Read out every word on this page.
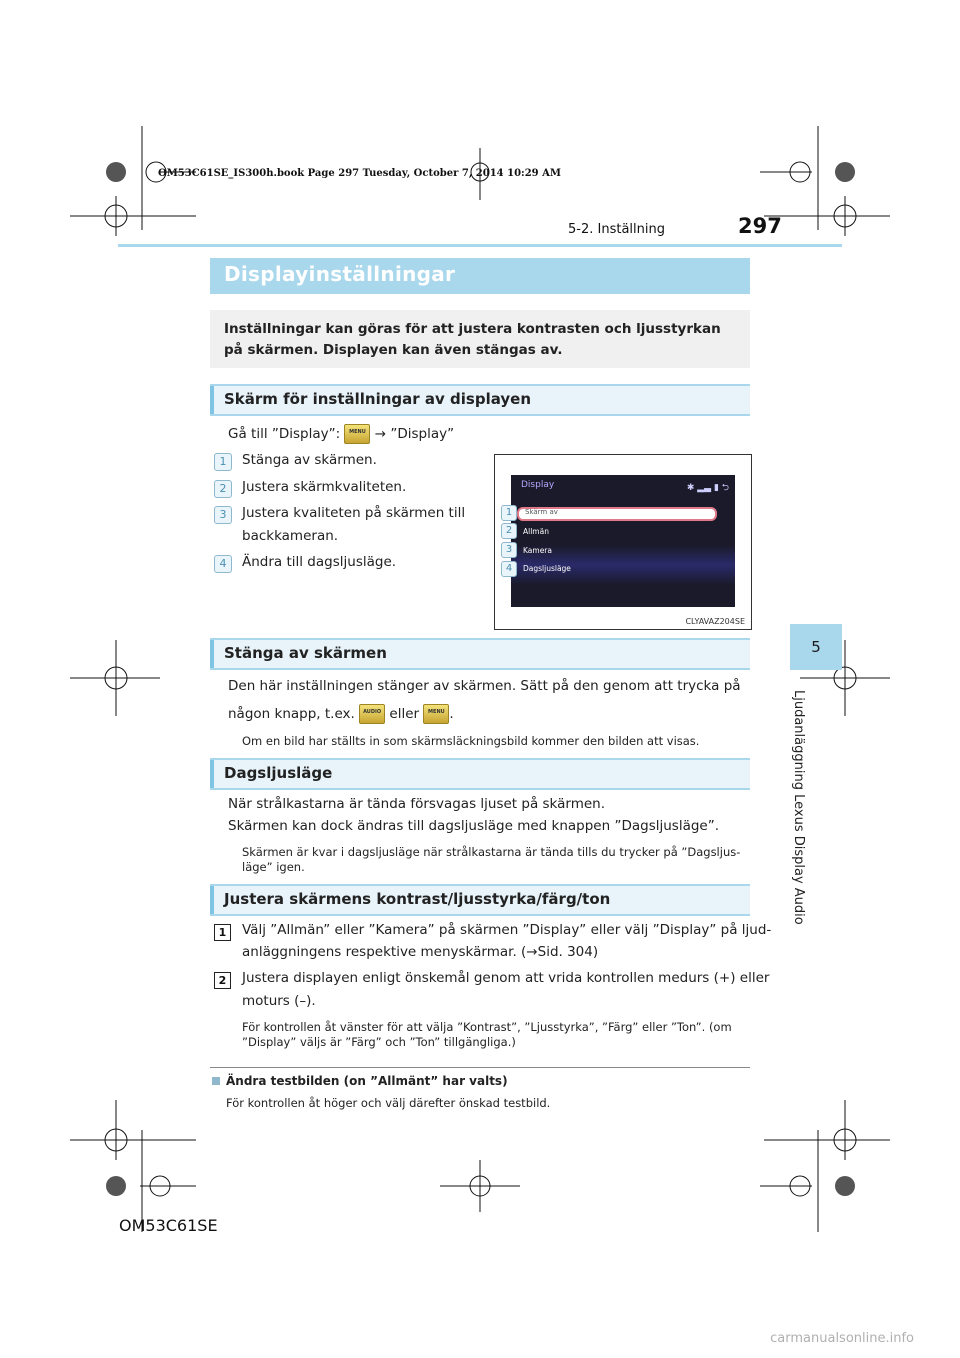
OM53C61SE_IS300h.book Page 297 Tuesday, October 7, 2014 10:29 AM
5-2. Inställning	297
5
Ljudanläggning Lexus Display Audio
Displayinställningar
Inställningar kan göras för att justera kontrasten och ljusstyrkan på skärmen. Displayen kan även stängas av.
Skärm för inställningar av displayen
Gå till ”Display”:	MENU → ”Display”
1	Stänga av skärmen.
2	Justera skärmkvaliteten.
3	Justera kvaliteten på skärmen till
backkameran.
4	Ändra till dagsljusläge.
Display	✱ ▂▃ ▮ ⮌
Skärm av
Allmän
Kamera
Dagsljusläge
1
2
3
4
CLYAVAZ204SE
Stänga av skärmen
Den här inställningen stänger av skärmen. Sätt på den genom att trycka på
någon knapp, t.ex.	AUDIO eller	MENU .
Om en bild har ställts in som skärmsläckningsbild kommer den bilden att visas.
Dagsljusläge
När strålkastarna är tända försvagas ljuset på skärmen.
Skärmen kan dock ändras till dagsljusläge med knappen ”Dagsljusläge”.
Skärmen är kvar i dagsljusläge när strålkastarna är tända tills du trycker på ”Dagsljus-
läge” igen.
Justera skärmens kontrast/ljusstyrka/färg/ton
1	Välj ”Allmän” eller ”Kamera” på skärmen ”Display” eller välj ”Display” på ljud-
anläggningens respektive menyskärmar. (→Sid. 304)
2	Justera displayen enligt önskemål genom att vrida kontrollen medurs (+) eller
moturs (–).
För kontrollen åt vänster för att välja ”Kontrast”, ”Ljusstyrka”, ”Färg” eller ”Ton”. (om
”Display” väljs är ”Färg” och ”Ton” tillgängliga.)
Ändra testbilden (on ”Allmänt” har valts)
För kontrollen åt höger och välj därefter önskad testbild.
OM53C61SE
carmanualsonline.info
